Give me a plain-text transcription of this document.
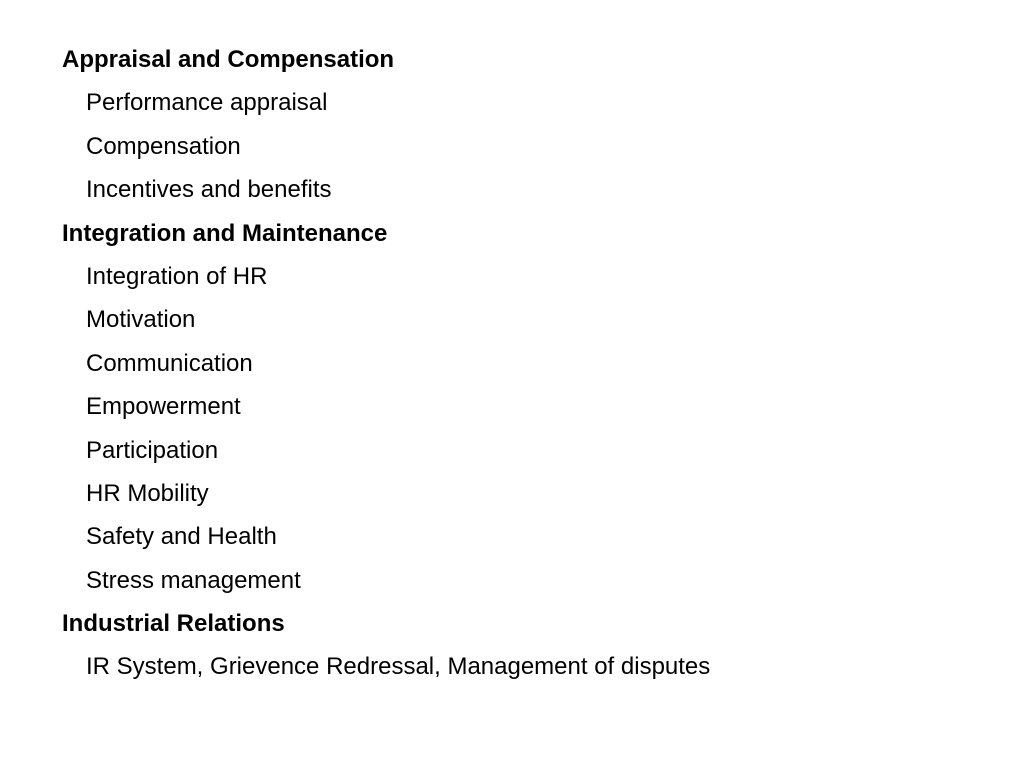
Appraisal and Compensation
Performance appraisal
Compensation
Incentives and benefits
Integration and Maintenance
Integration of HR
Motivation
Communication
Empowerment
Participation
HR Mobility
Safety and Health
Stress management
Industrial Relations
IR System, Grievence Redressal, Management of disputes
